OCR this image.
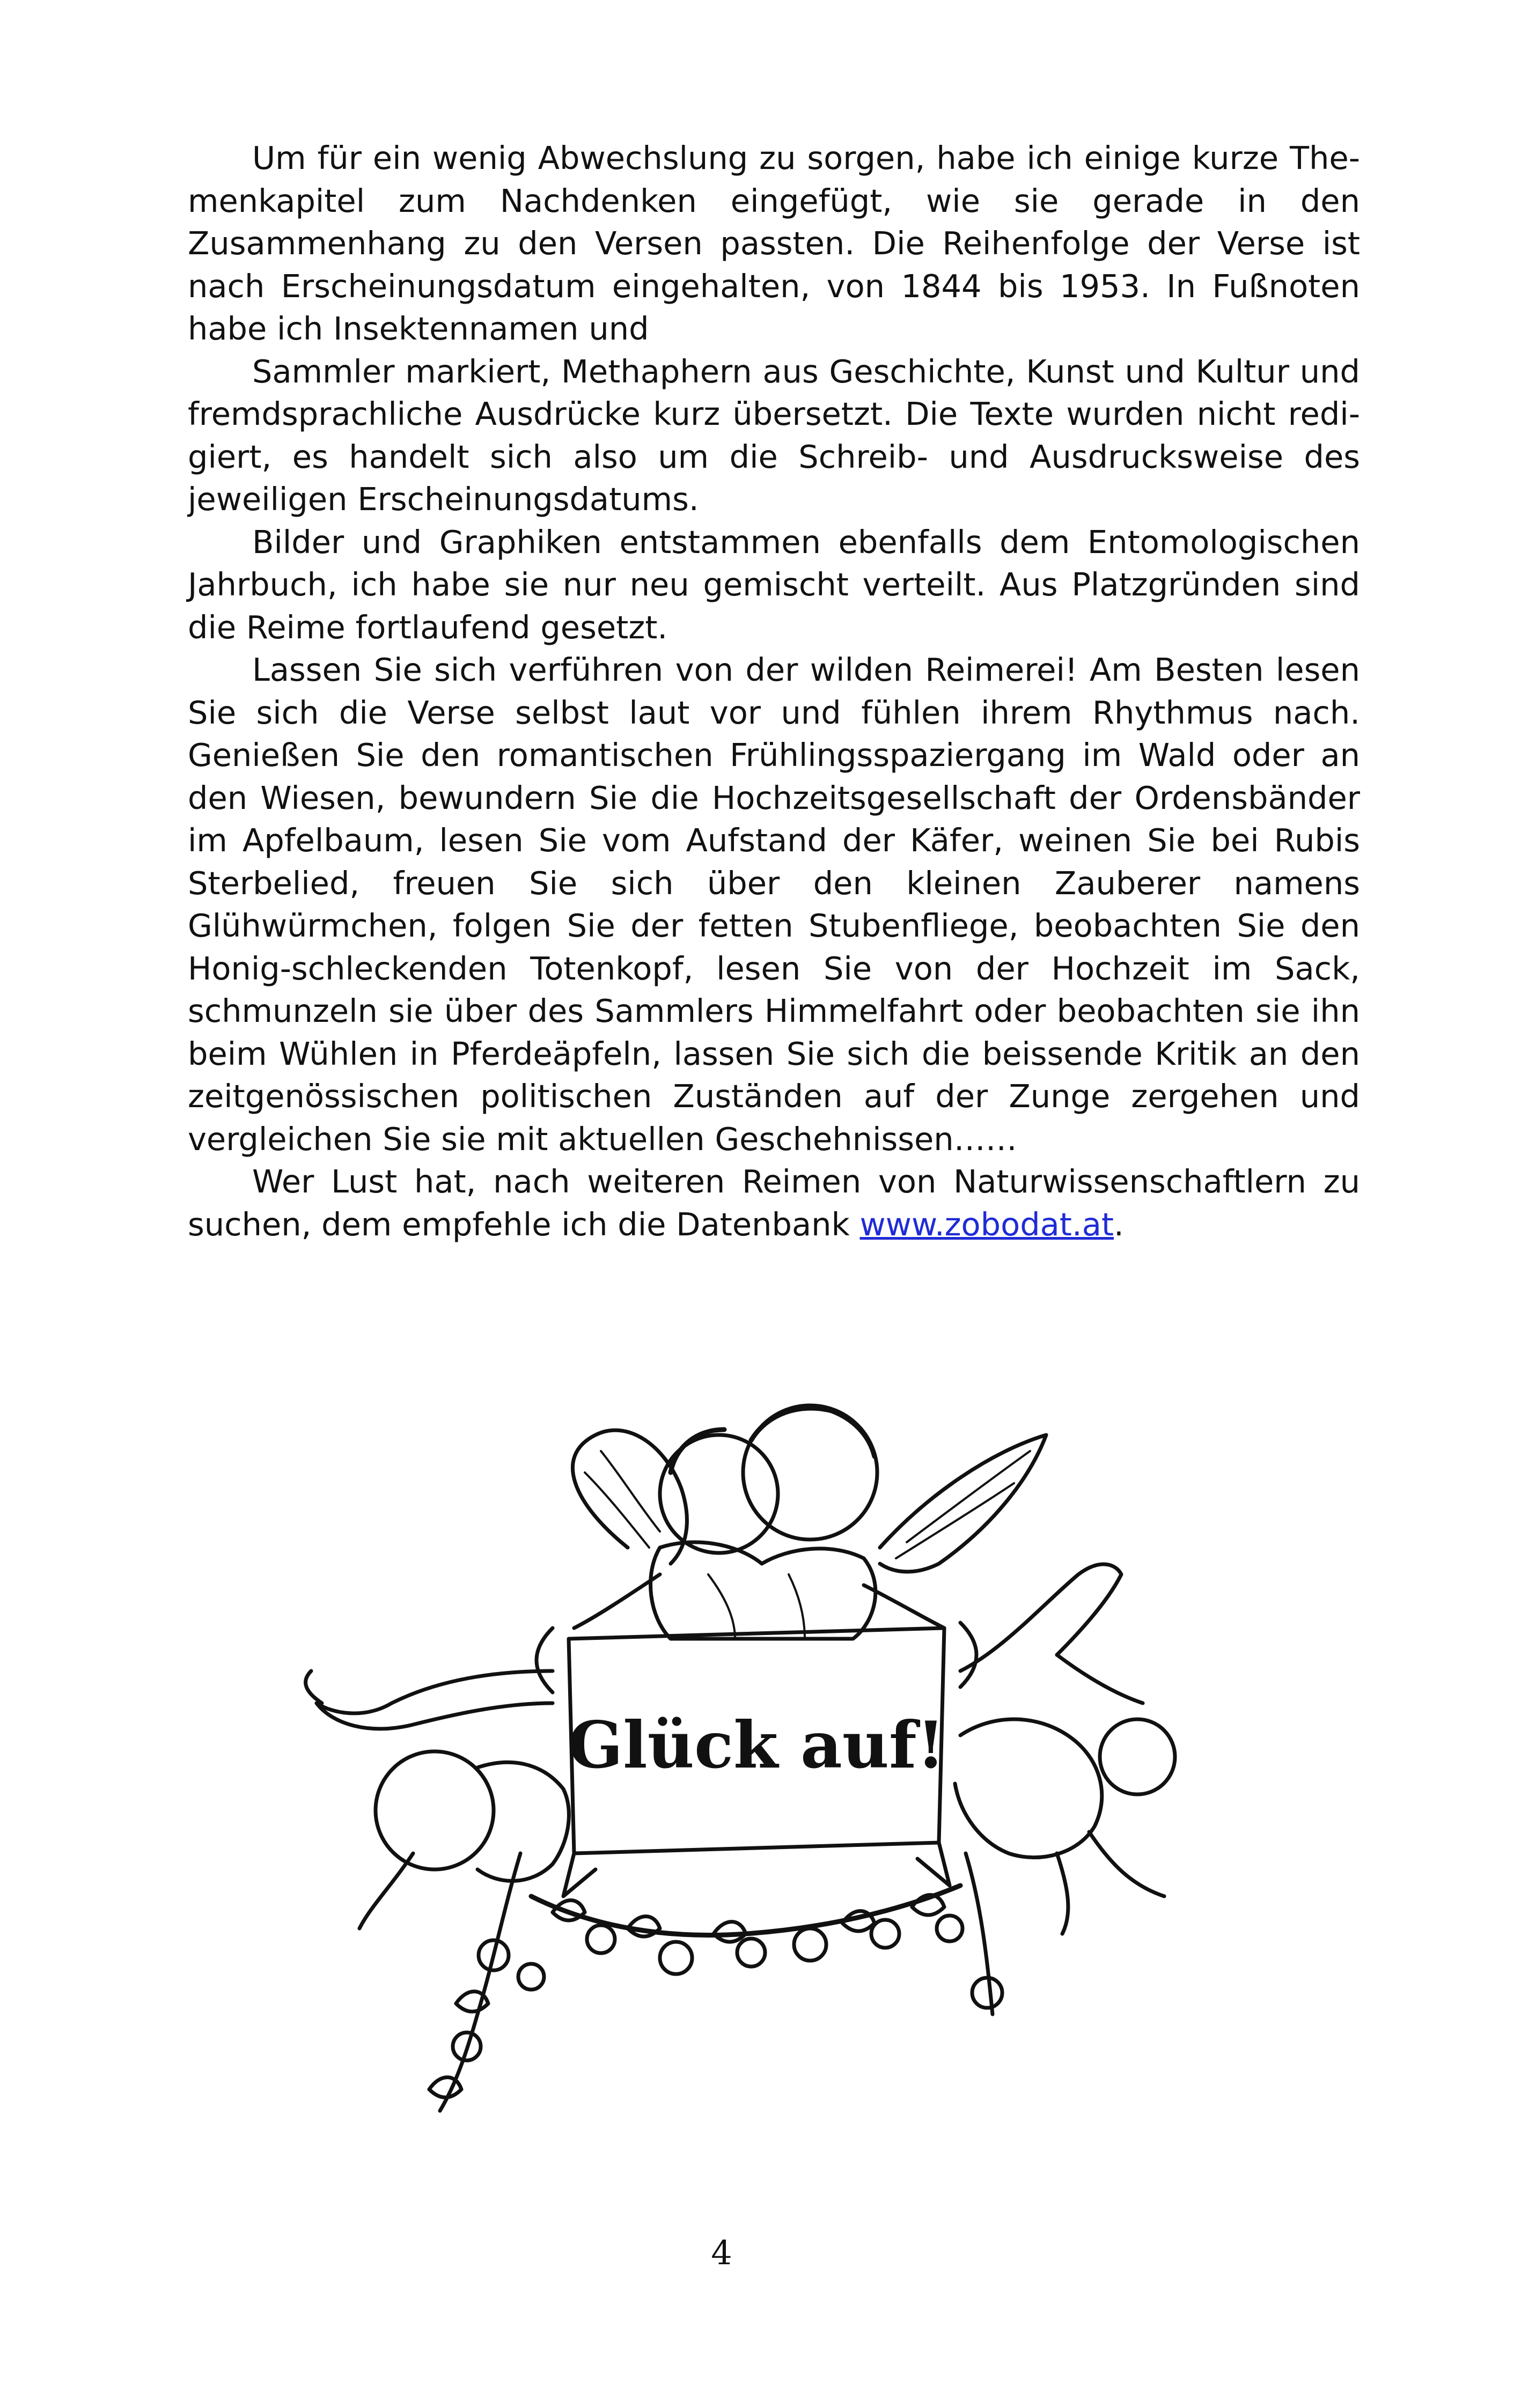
Um für ein wenig Abwechslung zu sorgen, habe ich einige kurze Themenkapitel zum Nachdenken eingefügt, wie sie gerade in den Zusammenhang zu den Versen passten. Die Reihenfolge der Verse ist nach Erscheinungsdatum eingehalten, von 1844 bis 1953. In Fußnoten habe ich Insektennamen und

Sammler markiert, Methaphern aus Geschichte, Kunst und Kultur und fremdsprachliche Ausdrücke kurz übersetzt. Die Texte wurden nicht redigiert, es handelt sich also um die Schreib- und Ausdrucksweise des jeweiligen Erscheinungsdatums.

Bilder und Graphiken entstammen ebenfalls dem Entomologischen Jahrbuch, ich habe sie nur neu gemischt verteilt. Aus Platzgründen sind die Reime fortlaufend gesetzt.

Lassen Sie sich verführen von der wilden Reimerei! Am Besten lesen Sie sich die Verse selbst laut vor und fühlen ihrem Rhythmus nach. Genießen Sie den romantischen Frühlingsspaziergang im Wald oder an den Wiesen, bewundern Sie die Hochzeitsgesellschaft der Ordensbänder im Apfelbaum, lesen Sie vom Aufstand der Käfer, weinen Sie bei Rubis Sterbelied, freuen Sie sich über den kleinen Zauberer namens Glühwürmchen, folgen Sie der fetten Stubenfliege, beobachten Sie den Honig-schleckenden Totenkopf, lesen Sie von der Hochzeit im Sack, schmunzeln sie über des Sammlers Himmelfahrt oder beobachten sie ihn beim Wühlen in Pferdeäpfeln, lassen Sie sich die beissende Kritik an den zeitgenössischen politischen Zuständen auf der Zunge zergehen und vergleichen Sie sie mit aktuellen Geschehnissen……

Wer Lust hat, nach weiteren Reimen von Naturwissenschaftlern zu suchen, dem empfehle ich die Datenbank www.zobodat.at.

Glück auf!
4
